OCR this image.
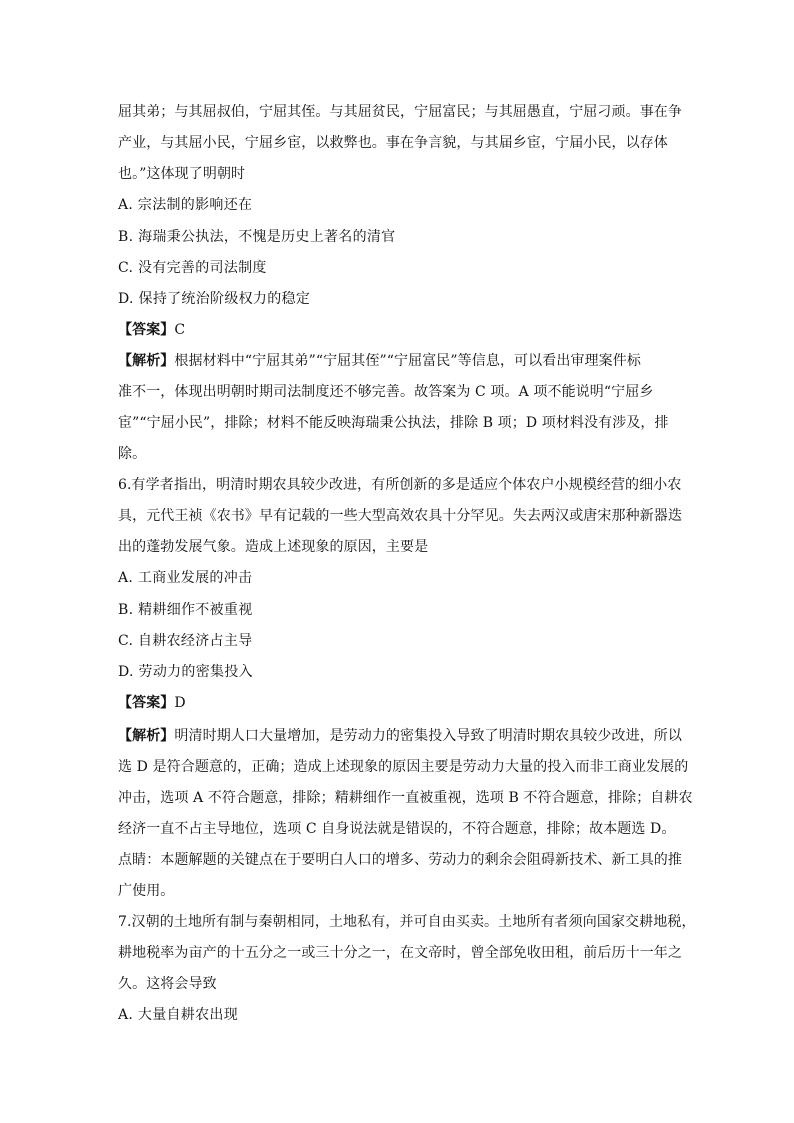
屈其弟；与其屈叔伯，宁屈其侄。与其屈贫民，宁屈富民；与其屈愚直，宁屈刁顽。事在争
产业，与其屈小民，宁屈乡宦，以救弊也。事在争言貌，与其届乡宦，宁届小民，以存体
也。”这体现了明朝时
A. 宗法制的影响还在
B. 海瑞秉公执法，不愧是历史上著名的清官
C. 没有完善的司法制度
D. 保持了统治阶级权力的稳定
【答案】C
【解析】根据材料中“宁屈其弟”“宁屈其侄”“宁屈富民”等信息，可以看出审理案件标
准不一，体现出明朝时期司法制度还不够完善。故答案为 C 项。A 项不能说明“宁屈乡
宦”“宁屈小民”，排除；材料不能反映海瑞秉公执法，排除 B 项；D 项材料没有涉及，排
除。
6.有学者指出，明清时期农具较少改进，有所创新的多是适应个体农户小规模经营的细小农
具，元代王祯《农书》早有记载的一些大型高效农具十分罕见。失去两汉或唐宋那种新器迭
出的蓬勃发展气象。造成上述现象的原因，主要是
A. 工商业发展的冲击
B. 精耕细作不被重视
C. 自耕农经济占主导
D. 劳动力的密集投入
【答案】D
【解析】明清时期人口大量增加，是劳动力的密集投入导致了明清时期农具较少改进，所以
选 D 是符合题意的，正确；造成上述现象的原因主要是劳动力大量的投入而非工商业发展的
冲击，选项 A 不符合题意，排除；精耕细作一直被重视，选项 B 不符合题意，排除；自耕农
经济一直不占主导地位，选项 C 自身说法就是错误的，不符合题意，排除；故本题选 D。
点睛：本题解题的关键点在于要明白人口的增多、劳动力的剩余会阻碍新技术、新工具的推
广使用。
7.汉朝的土地所有制与秦朝相同，土地私有，并可自由买卖。土地所有者须向国家交耕地税，
耕地税率为亩产的十五分之一或三十分之一，在文帝时，曾全部免收田租，前后历十一年之
久。这将会导致
A. 大量自耕农出现
